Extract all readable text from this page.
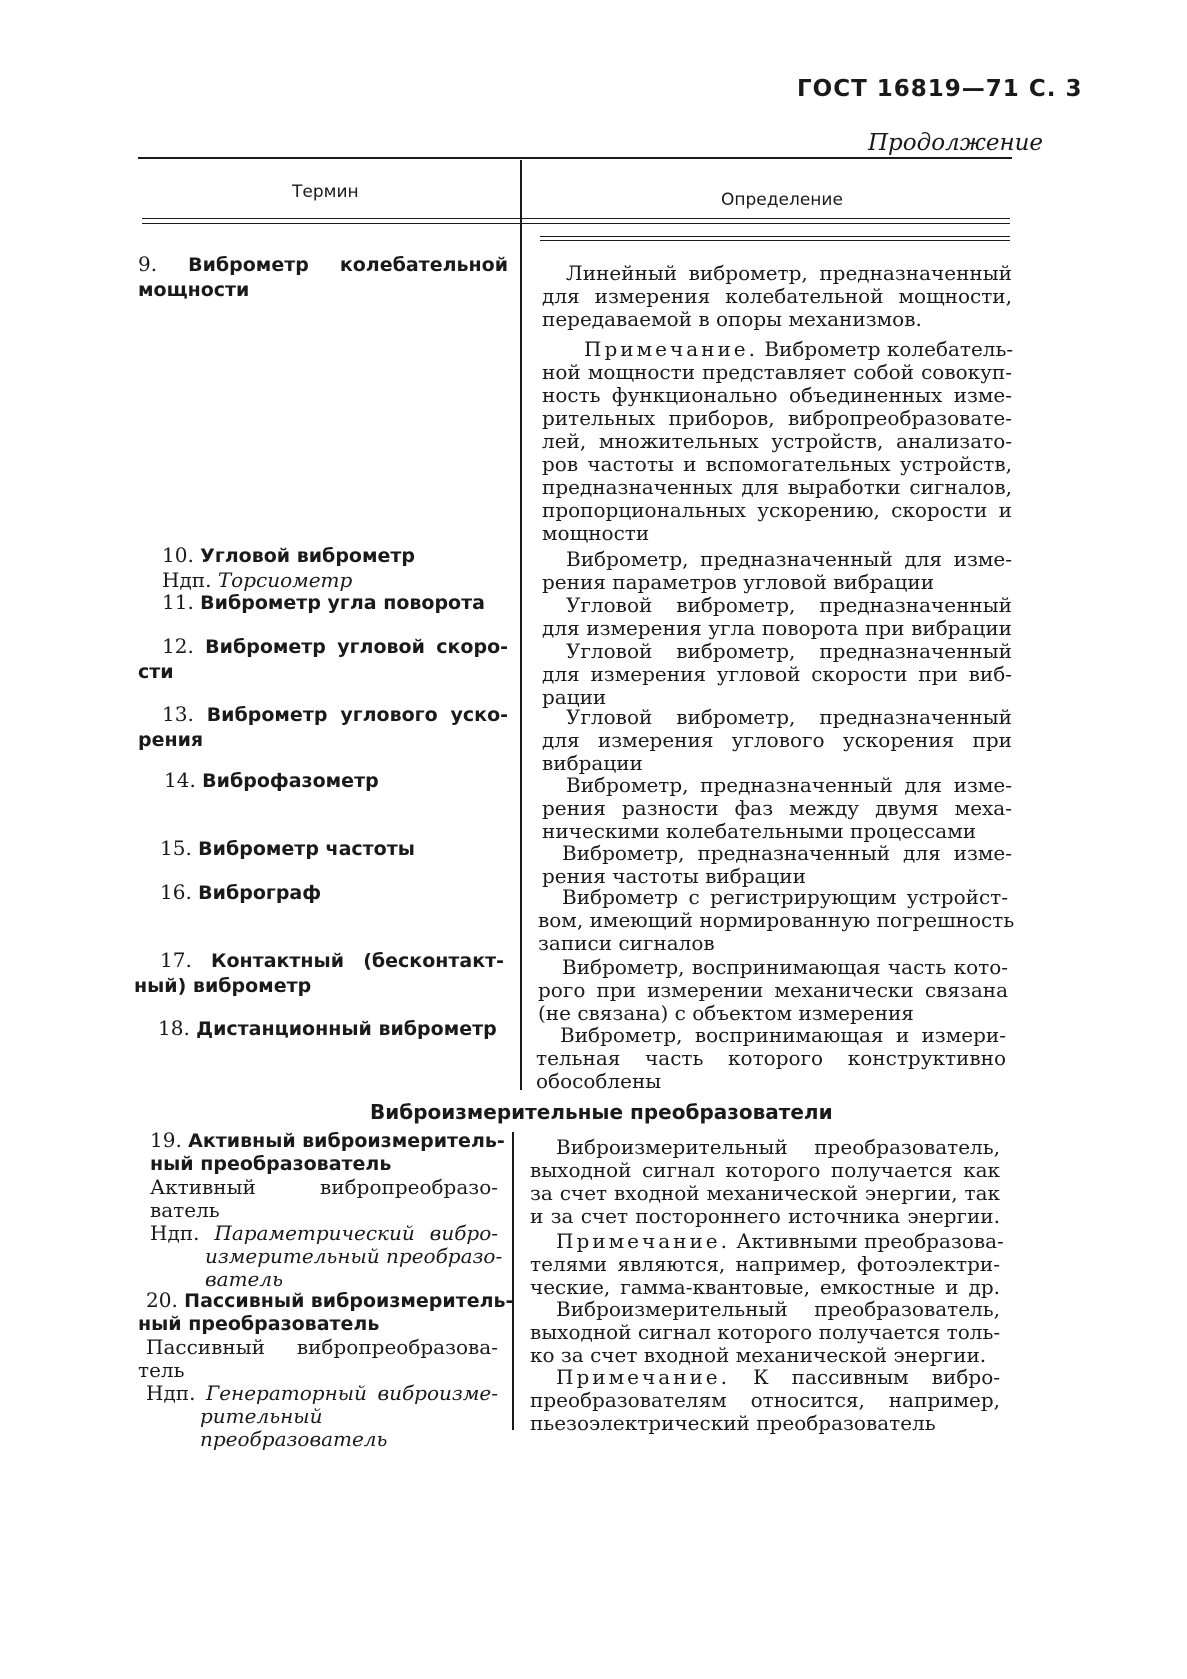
ГОСТ 16819—71 С. 3
Продолжение
Термин	Определение
9. Виброметр колебательной
мощности
10. Угловой виброметр
Ндп. Торсиометр
11. Виброметр угла поворота
12. Виброметр угловой скоро-
сти
13. Виброметр углового уско-
рения
14. Виброфазометр
15. Виброметр частоты
16. Виброграф
17. Контактный (бесконтакт-
ный) виброметр
18. Дистанционный виброметр
Виброизмерительные преобразователи
19. Активный виброизмеритель-
ный преобразователь
Активный	вибропреобразо-
ватель
Ндп. Параметрический вибро-
измерительный преобразо-
ватель
20. Пассивный виброизмеритель-
ный преобразователь
Пассивный вибропреобразова-
тель
Ндп. Генераторный виброизме-
рительный преобразователь
Линейный виброметр, предназначенный
для измерения колебательной мощности,
передаваемой в опоры механизмов.
Примечание. Виброметр колебатель-
ной мощности представляет собой совокуп-
ность функционально объединенных изме-
рительных приборов, вибропреобразовате-
лей, множительных устройств, анализато-
ров частоты и вспомогательных устройств,
предназначенных для выработки сигналов,
пропорциональных ускорению, скорости и
мощности
Виброметр, предназначенный для изме-
рения параметров угловой вибрации
Угловой виброметр, предназначенный
для измерения угла поворота при вибрации
Угловой виброметр, предназначенный
для измерения угловой скорости при виб-
рации
Угловой виброметр, предназначенный
для измерения углового ускорения при
вибрации
Виброметр, предназначенный для изме-
рения разности фаз между двумя меха-
ническими колебательными процессами
Виброметр, предназначенный для изме-
рения частоты вибрации
Виброметр с регистрирующим устройст-
вом, имеющий нормированную погрешность
записи сигналов
Виброметр, воспринимающая часть кото-
рого при измерении механически связана
(не связана) с объектом измерения
Виброметр, воспринимающая и измери-
тельная часть которого конструктивно
обособлены
Виброизмерительный преобразователь,
выходной сигнал которого получается как
за счет входной механической энергии, так
и за счет постороннего источника энергии.
Примечание. Активными преобразова-
телями являются, например, фотоэлектри-
ческие, гамма-квантовые, емкостные и др.
Виброизмерительный преобразователь,
выходной сигнал которого получается толь-
ко за счет входной механической энергии.
Примечание. К пассивным вибро-
преобразователям относится, например,
пьезоэлектрический преобразователь
